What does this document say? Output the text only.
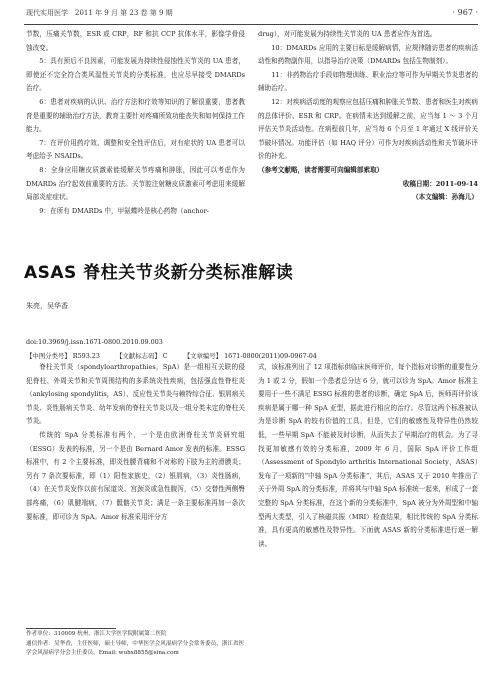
现代实用医学　2011 年 9 月 第 23 卷 第 9 期	· 967 ·

节数，压痛关节数，ESR 或 CRP，RF 和抗 CCP 抗体水平，影像学骨侵蚀改变。

5：具有预后不良因素，可能发展为持续性侵蚀性关节炎的 UA 患者，即使还不完全符合类风湿性关节炎的分类标准，也应尽早接受 DMARDs 治疗。

6：患者对疾病的认识、治疗方法和疗效等知识的了解很重要，患者教育是重要的辅助治疗方法，教育主要针对疼痛所致功能丧失和如何保持工作能力。

7：在评价用药疗效、调整和安全性评估后，对有症状的 UA 患者可以考虑给予 NSAIDs。

8：全身应用糖皮质激素能缓解关节疼痛和肿胀，因此可以考虑作为 DMARDs 治疗起效前重要的方法。关节腔注射糖皮质激素可考虑用来缓解局部炎症症状。

9：在所有 DMARDs 中，甲氨蝶呤是核心药物（anchor-

drug），对可能发展为持续性关节炎的 UA 患者应作为首选。

10：DMARDs 应用的主要目标是缓解病情，应规律随访患者的疾病活动性和药物副作用，以指导治疗决策（DMARDs 包括生物制剂）。

11：非药物治疗手段如物理训练、职业治疗等可作为早期关节炎患者的辅助治疗。

12：对疾病活动度的观察应包括压痛和肿胀关节数、患者和医生对疾病的总体评价、ESR 和 CRP。在病情未达到缓解之前，应当每 1 ～ 3 个月评估关节炎活动性。在病程前几年，应当每 6 个月至 1 年通过 X 线评价关节破坏情况。功能评估（如 HAQ 评分）可作为对疾病活动性和关节破坏评价的补充。

（参考文献略，读者需要可向编辑部索取）

收稿日期：2011-09-14

（本文编辑：孙海儿）

ASAS 脊柱关节炎新分类标准解读
朱亮，吴华香
doi:10.3969/j.issn.1671-0800.2010.09.003
【中图分类号】 R593.23	【文献标志码】 C	【文章编号】 1671-0800(2011)09-0967-04

脊柱关节炎（spondyloarthropathies，SpA）是一组相互关联的侵犯脊柱、外周关节和关节周围结构的多系统炎性疾病，包括强直性脊柱炎（ankylosing spondylitis，AS）、反应性关节炎与赖特综合征、银屑病关节炎、炎性肠病关节炎、幼年发病的脊柱关节炎以及一组分类未定的脊柱关节炎。

传统的 SpA 分类标准有两个，一个是由欧洲脊柱关节炎研究组（ESSG）发表的标准，另一个是由 Bernard Amor 发表的标准。ESSG 标准中，有 2 个主要标准，即炎性腰背痛和不对称的下肢为主的滑膜炎；另有 7 条次要标准，即（1）阳性家族史，（2）银屑病，（3）炎性肠病，（4）在关节炎发作以前有尿道炎、宫颈炎或急性腹泻，（5）交替性两侧臀部疼痛，（6）肌腱端病，（7）骶髂关节炎；满足一条主要标准再加一条次要标准，即可诊为 SpA。Amor 标准采用评分方

式，该标准列出了 12 项指标供临床医师评价，每个指标对诊断的重要性分为 1 或 2 分，假如一个患者总分达 6 分，就可以诊为 SpA。Amor 标准主要用于一些不满足 ESSG 标准的患者的诊断，确定 SpA 后，医师再评价该疾病是属于哪一种 SpA 亚型，据此进行相应的治疗。尽管这两个标准被认为是诊断 SpA 的较有价值的工具，但是，它们的敏感性及特异性仍然较低，一些早期 SpA 不能被及时诊断，从而失去了早期治疗的机会。为了寻找更加敏感有效的分类标准，2009 年 6 月，国际 SpA 评价工作组（Assessment of Spondylo arthritis International Society，ASAS）发布了一项新的“中轴 SpA 分类标准”，其后，ASAS 又于 2010 年推出了关于外周 SpA 的分类标准，并将其与中轴 SpA 标准统一起来，形成了一套完整的 SpA 分类标准，在这个新的分类标准中，SpA 被分为外周型和中轴型两大类型，引入了核磁共振（MRI）检查结果，相比传统的 SpA 分类标准，具有更高的敏感性及特异性。下面就 ASAS 新的分类标准进行逐一解读。

作者单位：310009 杭州，浙江大学医学院附属第二医院
通信作者：吴华香，主任医师，硕士导师，中华医学会风湿病学分会常务委员，浙江省医学会风湿病学分会主任委员，Email: wuhx8855@sina.com
